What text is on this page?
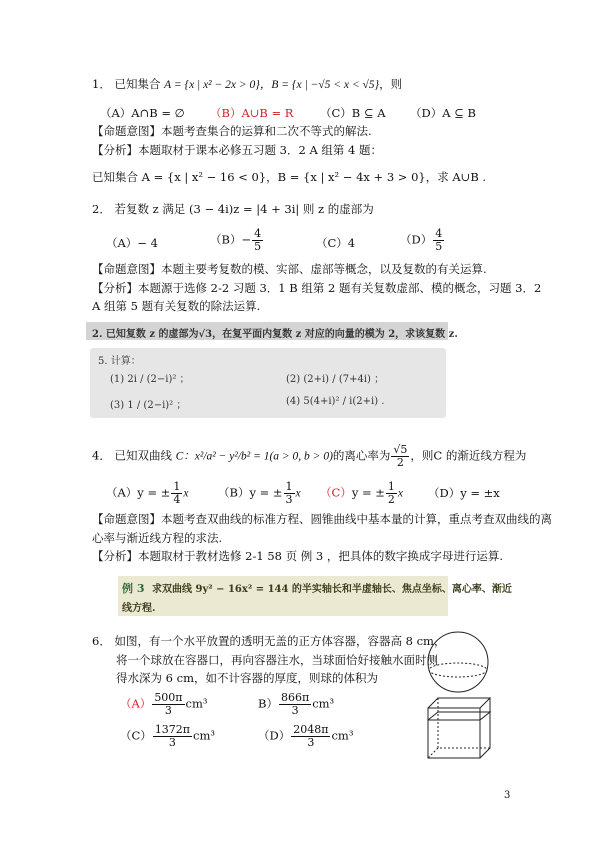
1． 已知集合 A = {x | x² − 2x > 0}，B = {x | −√5 < x < √5}，则
（A）A∩B = ∅ （B）A∪B = R （C）B ⊆ A （D）A ⊆ B
【命题意图】本题考查集合的运算和二次不等式的解法.
【分析】本题取材于课本必修五习题 3．2 A 组第 4 题：
已知集合 A = {x | x² − 16 < 0}，B = {x | x² − 4x + 3 > 0}，求 A∪B .
2． 若复数 z 满足 (3 − 4i)z = |4 + 3i| 则 z 的虚部为
（A）− 4	$(B)- \frac{4}{5}$	（C）4	$(D) \frac{4}{5}$
【命题意图】本题主要考复数的模、实部、虚部等概念，以及复数的有关运算.
【分析】本题源于选修 2-2 习题 3．1 B 组第 2 题有关复数虚部、模的概念，习题 3．2
A 组第 5 题有关复数的除法运算.
2. 已知复数 z 的虚部为√3，在复平面内复数 z 对应的向量的模为 2，求该复数 z.
5. 计算：
(1) 2i / (2−i)² ；	(2) (2+i) / (7+4i) ；
(3) 1 / (2−i)² ；	(4) 5(4+i)² / i(2+i) .
4． 已知双曲线 C：x²/a² − y²/b² = 1(a > 0, b > 0)的离心率为 $\frac{√5}{2}$ ，则C 的渐近线方程为
（A）y = ± $\frac{1}{4}$ x	（B）y = ± $\frac{1}{3}$ x （C）y = ± $\frac{1}{2}$ x （D）y = ±x
【命题意图】本题考查双曲线的标准方程、圆锥曲线中基本量的计算，重点考查双曲线的离
心率与渐近线方程的求法.
【分析】本题取材于教材选修 2-1 58 页 例 3 ，把具体的数字换成字母进行运算.
例 3 求双曲线 9y² − 16x² = 144 的半实轴长和半虚轴长、焦点坐标、离心率、渐近
线方程.
6． 如图，有一个水平放置的透明无盖的正方体容器，容器高 8 cm，
将一个球放在容器口，再向容器注水，当球面恰好接触水面时测
得水深为 6 cm，如不计容器的厚度，则球的体积为
$(A) \frac{500\pi}{3} cm^3$	$B) \frac{866\pi}{3} cm^3$
$(C) \frac{1372\pi}{3} cm^3$	$(D) \frac{2048\pi}{3} cm^3$
3
